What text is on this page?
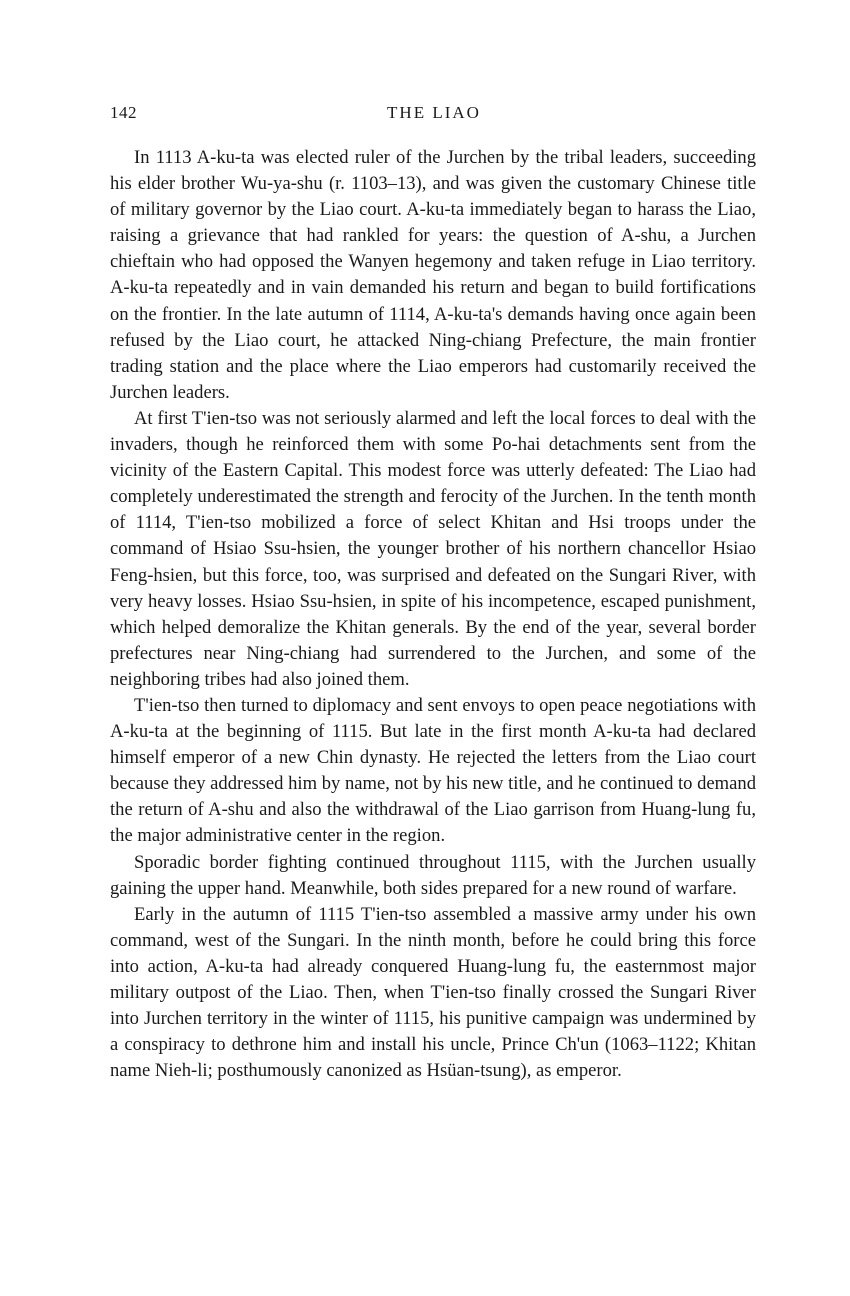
142	THE LIAO

In 1113 A-ku-ta was elected ruler of the Jurchen by the tribal leaders, succeeding his elder brother Wu-ya-shu (r. 1103–13), and was given the customary Chinese title of military governor by the Liao court. A-ku-ta immediately began to harass the Liao, raising a grievance that had rankled for years: the question of A-shu, a Jurchen chieftain who had opposed the Wanyen hegemony and taken refuge in Liao territory. A-ku-ta repeatedly and in vain demanded his return and began to build fortifications on the frontier. In the late autumn of 1114, A-ku-ta's demands having once again been refused by the Liao court, he attacked Ning-chiang Prefecture, the main frontier trading station and the place where the Liao emperors had customarily received the Jurchen leaders.

At first T'ien-tso was not seriously alarmed and left the local forces to deal with the invaders, though he reinforced them with some Po-hai detachments sent from the vicinity of the Eastern Capital. This modest force was utterly defeated: The Liao had completely underestimated the strength and ferocity of the Jurchen. In the tenth month of 1114, T'ien-tso mobilized a force of select Khitan and Hsi troops under the command of Hsiao Ssu-hsien, the younger brother of his northern chancellor Hsiao Feng-hsien, but this force, too, was surprised and defeated on the Sungari River, with very heavy losses. Hsiao Ssu-hsien, in spite of his incompetence, escaped punishment, which helped demoralize the Khitan generals. By the end of the year, several border prefectures near Ning-chiang had surrendered to the Jurchen, and some of the neighboring tribes had also joined them.

T'ien-tso then turned to diplomacy and sent envoys to open peace negotiations with A-ku-ta at the beginning of 1115. But late in the first month A-ku-ta had declared himself emperor of a new Chin dynasty. He rejected the letters from the Liao court because they addressed him by name, not by his new title, and he continued to demand the return of A-shu and also the withdrawal of the Liao garrison from Huang-lung fu, the major administrative center in the region.

Sporadic border fighting continued throughout 1115, with the Jurchen usually gaining the upper hand. Meanwhile, both sides prepared for a new round of warfare.

Early in the autumn of 1115 T'ien-tso assembled a massive army under his own command, west of the Sungari. In the ninth month, before he could bring this force into action, A-ku-ta had already conquered Huang-lung fu, the easternmost major military outpost of the Liao. Then, when T'ien-tso finally crossed the Sungari River into Jurchen territory in the winter of 1115, his punitive campaign was undermined by a conspiracy to dethrone him and install his uncle, Prince Ch'un (1063–1122; Khitan name Nieh-li; posthumously canonized as Hsüan-tsung), as emperor.
